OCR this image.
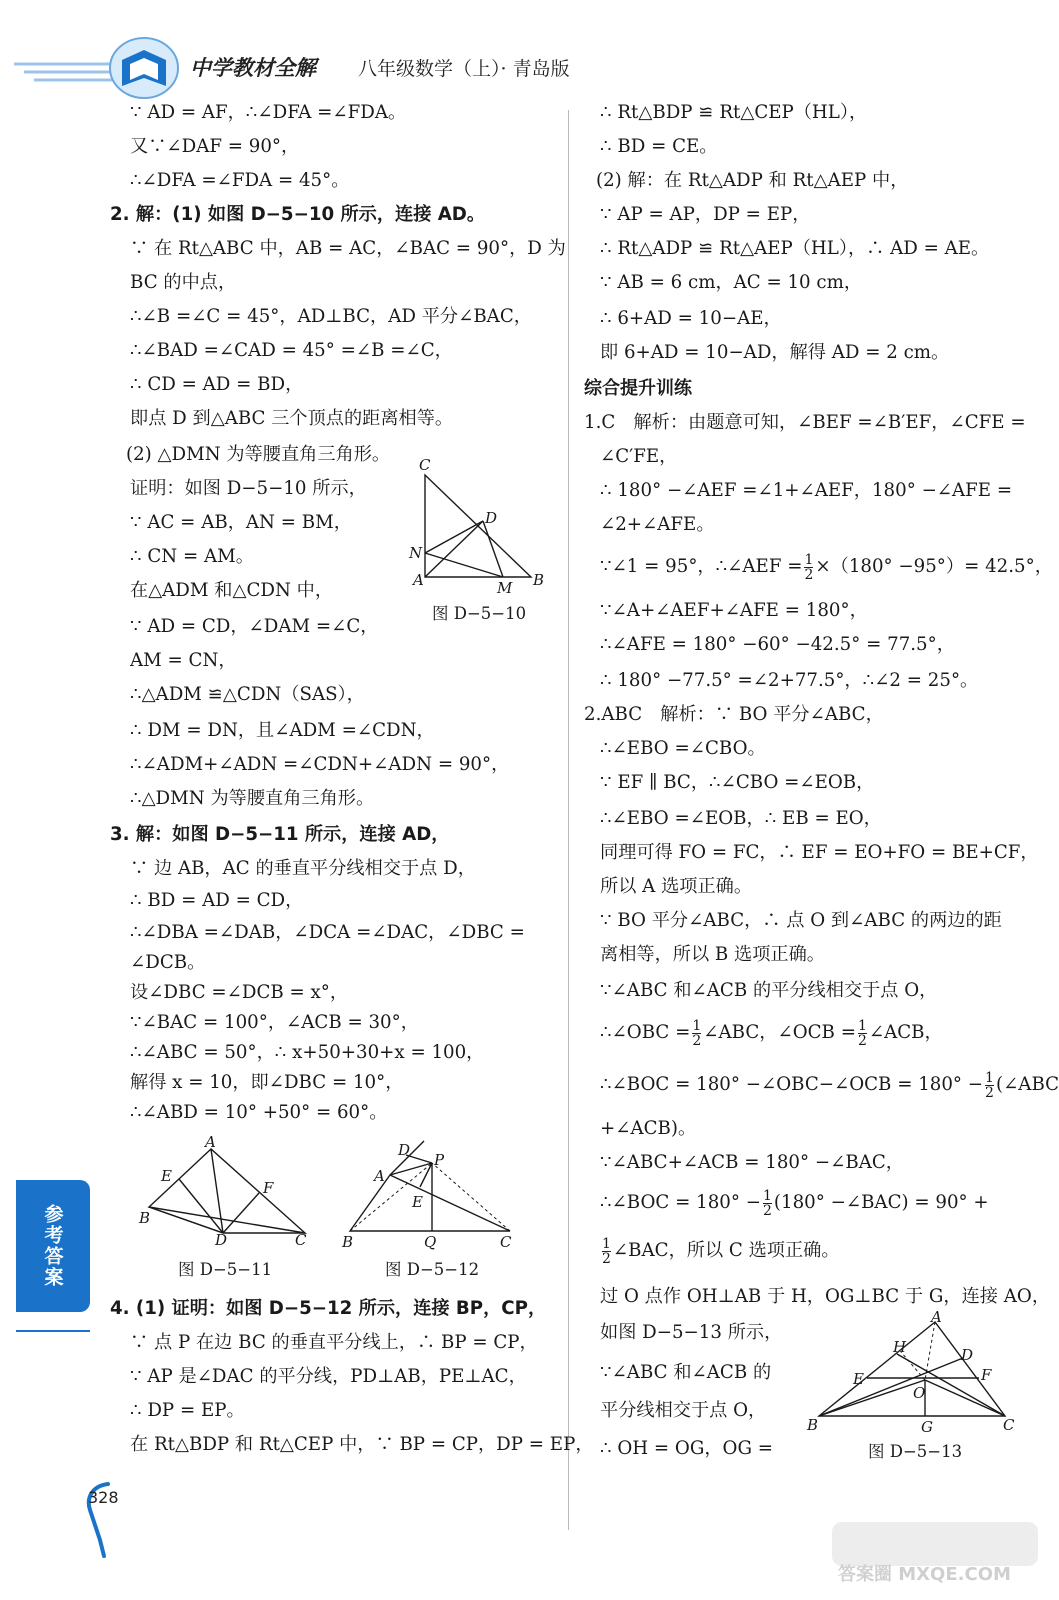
中学教材全解 八年级数学（上）· 青岛版
∵ AD = AF，∴∠DFA =∠FDA。
又∵∠DAF = 90°，
∴∠DFA =∠FDA = 45°。
2. 解：(1) 如图 D−5−10 所示，连接 AD。
∵ 在 Rt△ABC 中，AB = AC，∠BAC = 90°，D 为
BC 的中点，
∴∠B =∠C = 45°，AD⊥BC，AD 平分∠BAC，
∴∠BAD =∠CAD = 45° =∠B =∠C，
∴ CD = AD = BD，
即点 D 到△ABC 三个顶点的距离相等。
(2) △DMN 为等腰直角三角形。
证明：如图 D−5−10 所示，
∵ AC = AB，AN = BM，
∴ CN = AM。
在△ADM 和△CDN 中，
∵ AD = CD，∠DAM =∠C，
AM = CN，
∴△ADM ≌△CDN（SAS），
∴ DM = DN，且∠ADM =∠CDN，
∴∠ADM+∠ADN =∠CDN+∠ADN = 90°，
∴△DMN 为等腰直角三角形。
3. 解：如图 D−5−11 所示，连接 AD，
∵ 边 AB，AC 的垂直平分线相交于点 D，
∴ BD = AD = CD，
∴∠DBA =∠DAB，∠DCA =∠DAC，∠DBC =
∠DCB。
设∠DBC =∠DCB = x°，
∵∠BAC = 100°，∠ACB = 30°，
∴∠ABC = 50°，∴ x+50+30+x = 100，
解得 x = 10，即∠DBC = 10°，
∴∠ABD = 10° +50° = 60°。
4. (1) 证明：如图 D−5−12 所示，连接 BP，CP，
∵ 点 P 在边 BC 的垂直平分线上，∴ BP = CP，
∵ AP 是∠DAC 的平分线，PD⊥AB，PE⊥AC，
∴ DP = EP。
在 Rt△BDP 和 Rt△CEP 中，∵ BP = CP，DP = EP，
C
D
N
A	M B
图 D−5−10
A
E
F
B
D	C
图 D−5−11
D
P
A
E
B	Q	C
图 D−5−12
∴ Rt△BDP ≌ Rt△CEP（HL），
∴ BD = CE。
(2) 解：在 Rt△ADP 和 Rt△AEP 中，
∵ AP = AP，DP = EP，
∴ Rt△ADP ≌ Rt△AEP（HL），∴ AD = AE。
∵ AB = 6 cm，AC = 10 cm，
∴ 6+AD = 10−AE，
即 6+AD = 10−AD，解得 AD = 2 cm。
综合提升训练
1.C　解析：由题意可知，∠BEF =∠B′EF，∠CFE =
∠C′FE，
∴ 180° −∠AEF =∠1+∠AEF，180° −∠AFE =
∠2+∠AFE。
∵∠1 = 95°，∴∠AEF = $\frac{1}{2} \times(180^\circ -95^\circ)= 42.5^\circ$，
∵∠A+∠AEF+∠AFE = 180°，
∴∠AFE = 180° −60° −42.5° = 77.5°，
∴ 180° −77.5° =∠2+77.5°，∴∠2 = 25°。
2.ABC　解析：∵ BO 平分∠ABC，
∴∠EBO =∠CBO。
∵ EF ∥ BC，∴∠CBO =∠EOB，
∴∠EBO =∠EOB，∴ EB = EO，
同理可得 FO = FC，∴ EF = EO+FO = BE+CF，
所以 A 选项正确。
∵ BO 平分∠ABC，∴ 点 O 到∠ABC 的两边的距
离相等，所以 B 选项正确。
∵∠ABC 和∠ACB 的平分线相交于点 O，
∴∠OBC = $\frac{1}{2}$ ∠ABC，∠OCB = $\frac{1}{2}$ ∠ACB，
∴∠BOC = 180° −∠OBC−∠OCB = $180^\circ - \frac{1}{2}$ (∠ABC
+∠ACB)。
∵∠ABC+∠ACB = 180° −∠BAC，
∴∠BOC = $180^\circ - \frac{1}{2} (180^\circ$ −∠BAC) = 90° +
$\frac{1}{2}$ ∠BAC，所以 C 选项正确。
过 O 点作 OH⊥AB 于 H，OG⊥BC 于 G，连接 AO，
如图 D−5−13 所示，
∵∠ABC 和∠ACB 的
平分线相交于点 O，
∴ OH = OG，OG =
A
H	D
E	F
O
B	G	C
图 D−5−13
参考答案
328
答案圈 MXQE.COM
